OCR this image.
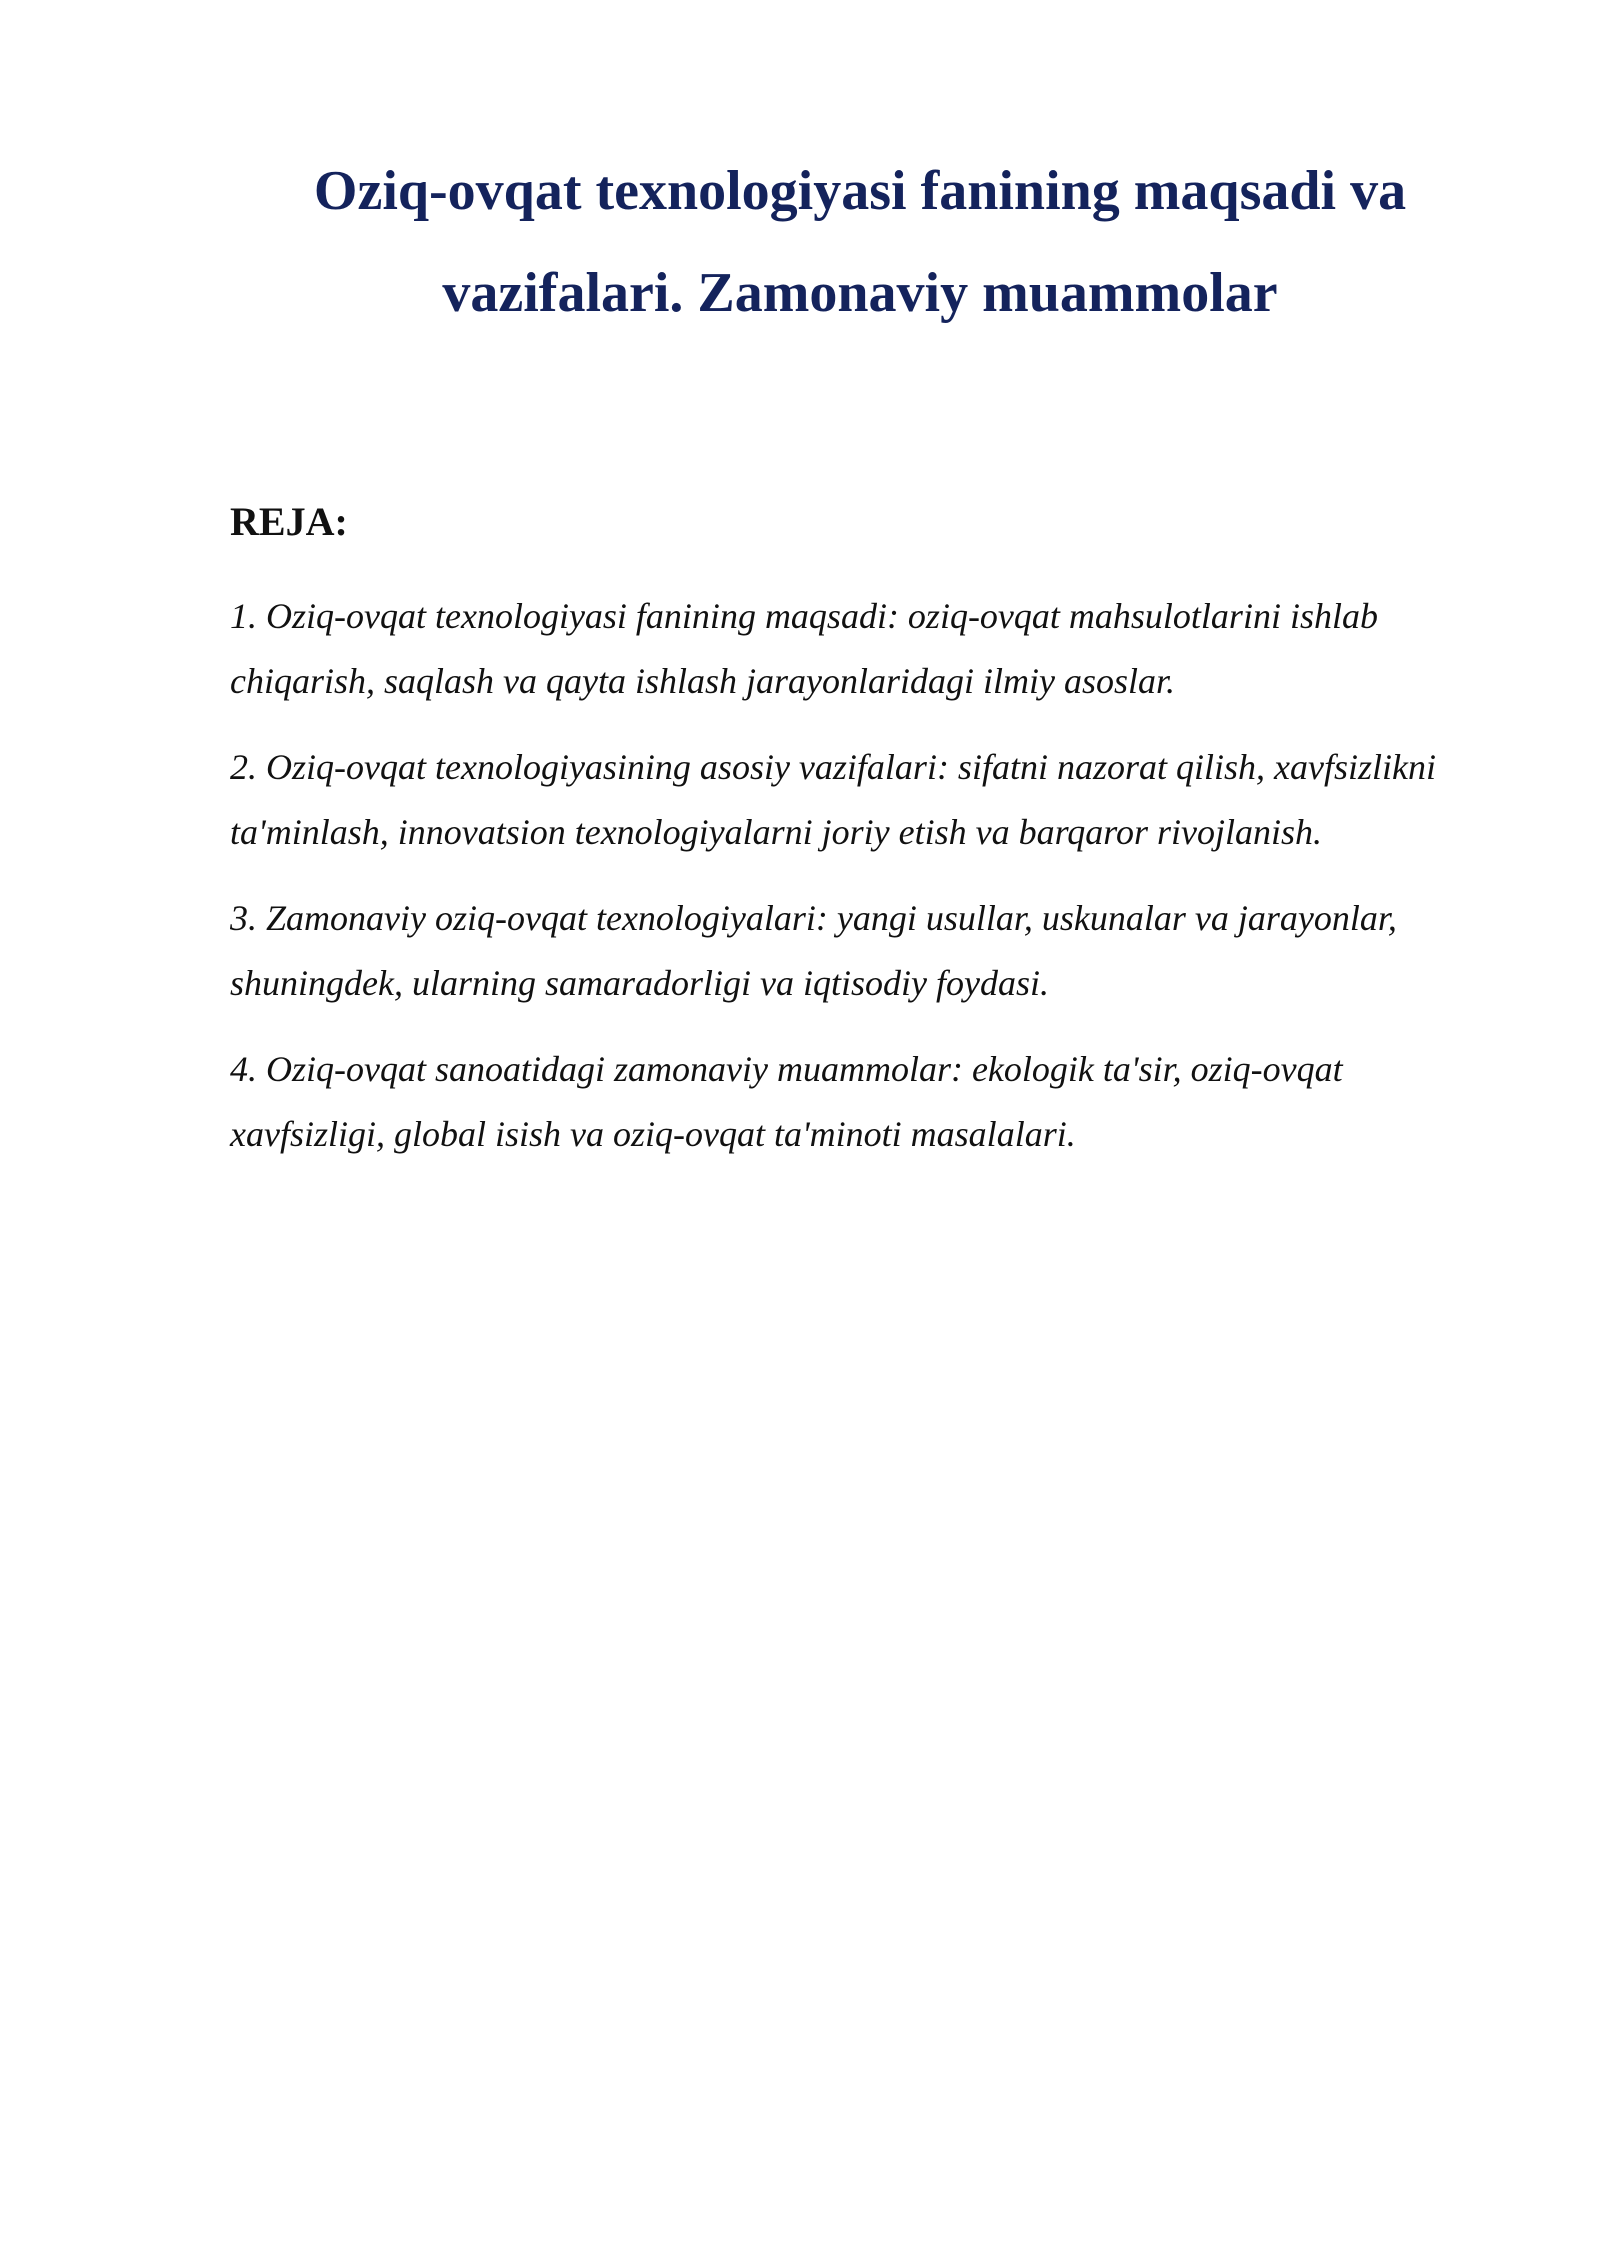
Oziq-ovqat texnologiyasi fanining maqsadi va vazifalari. Zamonaviy muammolar
REJA:
1. Oziq-ovqat texnologiyasi fanining maqsadi: oziq-ovqat mahsulotlarini ishlab chiqarish, saqlash va qayta ishlash jarayonlaridagi ilmiy asoslar.
2. Oziq-ovqat texnologiyasining asosiy vazifalari: sifatni nazorat qilish, xavfsizlikni ta'minlash, innovatsion texnologiyalarni joriy etish va barqaror rivojlanish.
3. Zamonaviy oziq-ovqat texnologiyalari: yangi usullar, uskunalar va jarayonlar, shuningdek, ularning samaradorligi va iqtisodiy foydasi.
4. Oziq-ovqat sanoatidagi zamonaviy muammolar: ekologik ta'sir, oziq-ovqat xavfsizligi, global isish va oziq-ovqat ta'minoti masalalari.
